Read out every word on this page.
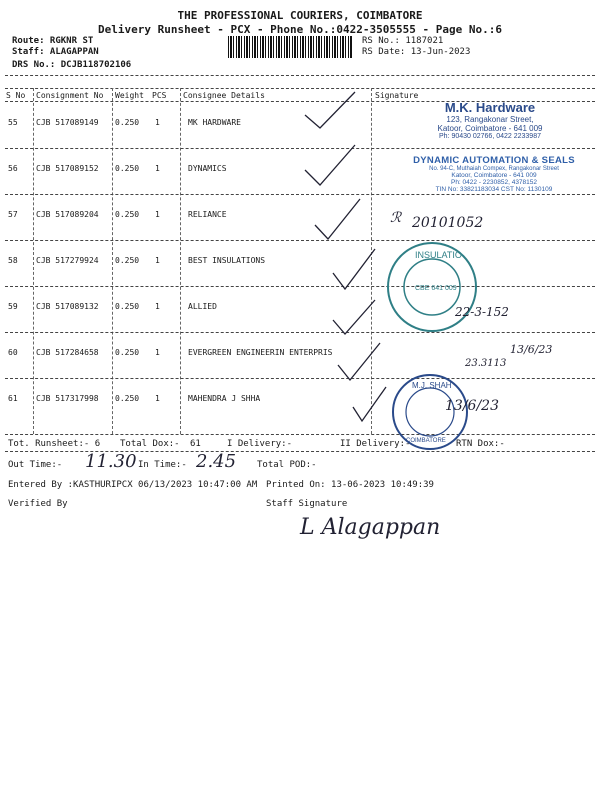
THE PROFESSIONAL COURIERS, COIMBATORE
Delivery Runsheet - PCX - Phone No.:0422-3505555 - Page No.:6
Route: RGKNR ST
Staff: ALAGAPPAN
DRS No.: DCJB118702106
RS No.: 1187021
RS Date: 13-Jun-2023
S No Consignment No Weight PCS Consignee Details	Signature
55 CJB 517089149 0.250 1	MK HARDWARE
56 CJB 517089152 0.250 1	DYNAMICS
57 CJB 517089204 0.250 1	RELIANCE
58 CJB 517279924 0.250 1	BEST INSULATIONS
59 CJB 517089132 0.250 1	ALLIED
60 CJB 517284658 0.250 1	EVERGREEN ENGINEERIN ENTERPRIS
61 CJB 517317998 0.250 1	MAHENDRA J SHHA
Tot. Runsheet:- 6 Total Dox:- 61	I Delivery:-	II Delivery:-	RTN Dox:-
Out Time:- 11.30 In Time:- 2.45 Total POD:-
Entered By :KASTHURIPCX 06/13/2023 10:47:00 AM Printed On: 13-06-2023 10:49:39
Verified By	Staff Signature
L Alagappan
M.K. Hardware
123, Rangakonar Street,
Katoor, Coimbatore - 641 009
Ph: 90430 02766, 0422 2233987
DYNAMIC AUTOMATION & SEALS
No. 94-C, Muthaiah Compex, Rangakonar Street
Katoor, Coimbatore - 641 009
Ph: 0422 - 2230852, 4378152
TIN No: 33821183034 CST No: 1130109
ℛ 20101052
INSULATIO
CBE 641 009
22-3-152
13/6/23
23.3113
M.J. SHAH
COIMBATORE
13/6/23
